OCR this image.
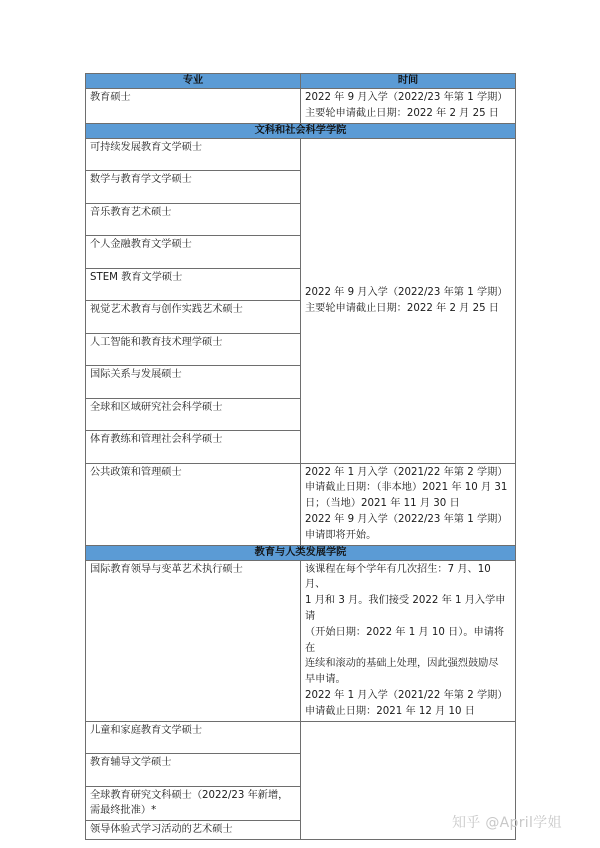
专业	时间
教育硕士	2022 年 9 月入学（2022/23 年第 1 学期）
主要轮申请截止日期：2022 年 2 月 25 日

文科和社会科学学院	
可持续发展教育文学硕士	2022 年 9 月入学（2022/23 年第 1 学期）
主要轮申请截止日期：2022 年 2 月 25 日

数学与教育学文学硕士	
音乐教育艺术硕士	
个人金融教育文学硕士	
STEM 教育文学硕士	
视觉艺术教育与创作实践艺术硕士	
人工智能和教育技术理学硕士	
国际关系与发展硕士	
全球和区域研究社会科学硕士	
体育教练和管理社会科学硕士	
公共政策和管理硕士	2022 年 1 月入学（2021/22 年第 2 学期）
申请截止日期：（非本地）2021 年 10 月 31
日；（当地）2021 年 11 月 30 日
2022 年 9 月入学（2022/23 年第 1 学期）
申请即将开始。

教育与人类发展学院	
国际教育领导与变革艺术执行硕士	该课程在每个学年有几次招生：7 月、10 月、
1 月和 3 月。我们接受 2022 年 1 月入学申请
（开始日期：2022 年 1 月 10 日）。申请将在
连续和滚动的基础上处理，因此强烈鼓励尽
早申请。
2022 年 1 月入学（2021/22 年第 2 学期）
申请截止日期：2021 年 12 月 10 日

儿童和家庭教育文学硕士	
教育辅导文学硕士	
全球教育研究文科硕士（2022/23 年新增，需最终批准）*	
领导体验式学习活动的艺术硕士		知乎 @April学姐
